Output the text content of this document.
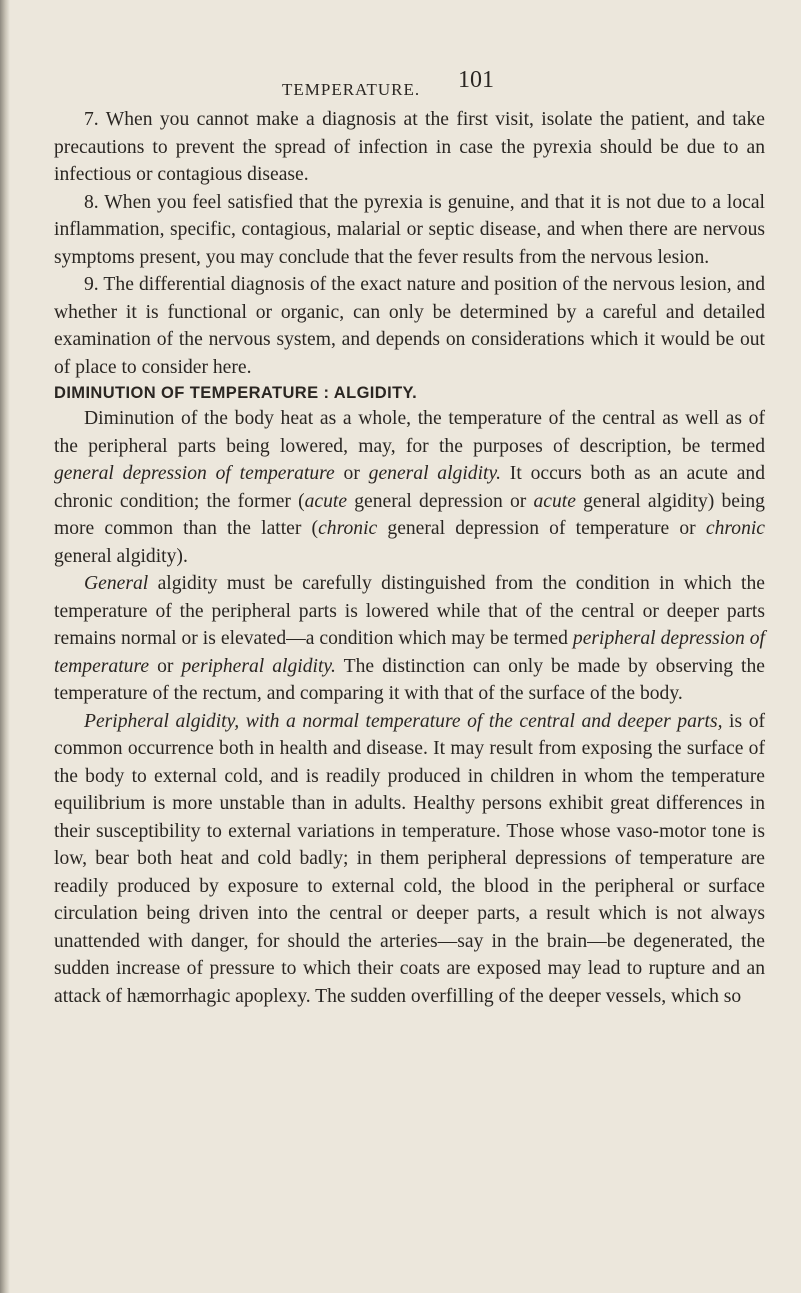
TEMPERATURE. 101

7. When you cannot make a diagnosis at the first visit, isolate the patient, and take precautions to prevent the spread of infection in case the pyrexia should be due to an infectious or contagious disease.

8. When you feel satisfied that the pyrexia is genuine, and that it is not due to a local inflammation, specific, contagious, malarial or septic disease, and when there are nervous symptoms present, you may conclude that the fever results from the nervous lesion.

9. The differential diagnosis of the exact nature and position of the nervous lesion, and whether it is functional or organic, can only be determined by a careful and detailed examination of the nervous system, and depends on considerations which it would be out of place to consider here.

DIMINUTION OF TEMPERATURE : ALGIDITY.

Diminution of the body heat as a whole, the temperature of the central as well as of the peripheral parts being lowered, may, for the purposes of description, be termed general depression of temperature or general algidity. It occurs both as an acute and chronic condition; the former (acute general depression or acute general algidity) being more common than the latter (chronic general depression of temperature or chronic general algidity).

General algidity must be carefully distinguished from the condition in which the temperature of the peripheral parts is lowered while that of the central or deeper parts remains normal or is elevated—a condition which may be termed peripheral depression of temperature or peripheral algidity. The distinction can only be made by observing the temperature of the rectum, and comparing it with that of the surface of the body.

Peripheral algidity, with a normal temperature of the central and deeper parts, is of common occurrence both in health and disease. It may result from exposing the surface of the body to external cold, and is readily produced in children in whom the temperature equilibrium is more unstable than in adults. Healthy persons exhibit great differences in their susceptibility to external variations in temperature. Those whose vaso-motor tone is low, bear both heat and cold badly; in them peripheral depressions of temperature are readily produced by exposure to external cold, the blood in the peripheral or surface circulation being driven into the central or deeper parts, a result which is not always unattended with danger, for should the arteries—say in the brain—be degenerated, the sudden increase of pressure to which their coats are exposed may lead to rupture and an attack of hæmorrhagic apoplexy. The sudden overfilling of the deeper vessels, which so
